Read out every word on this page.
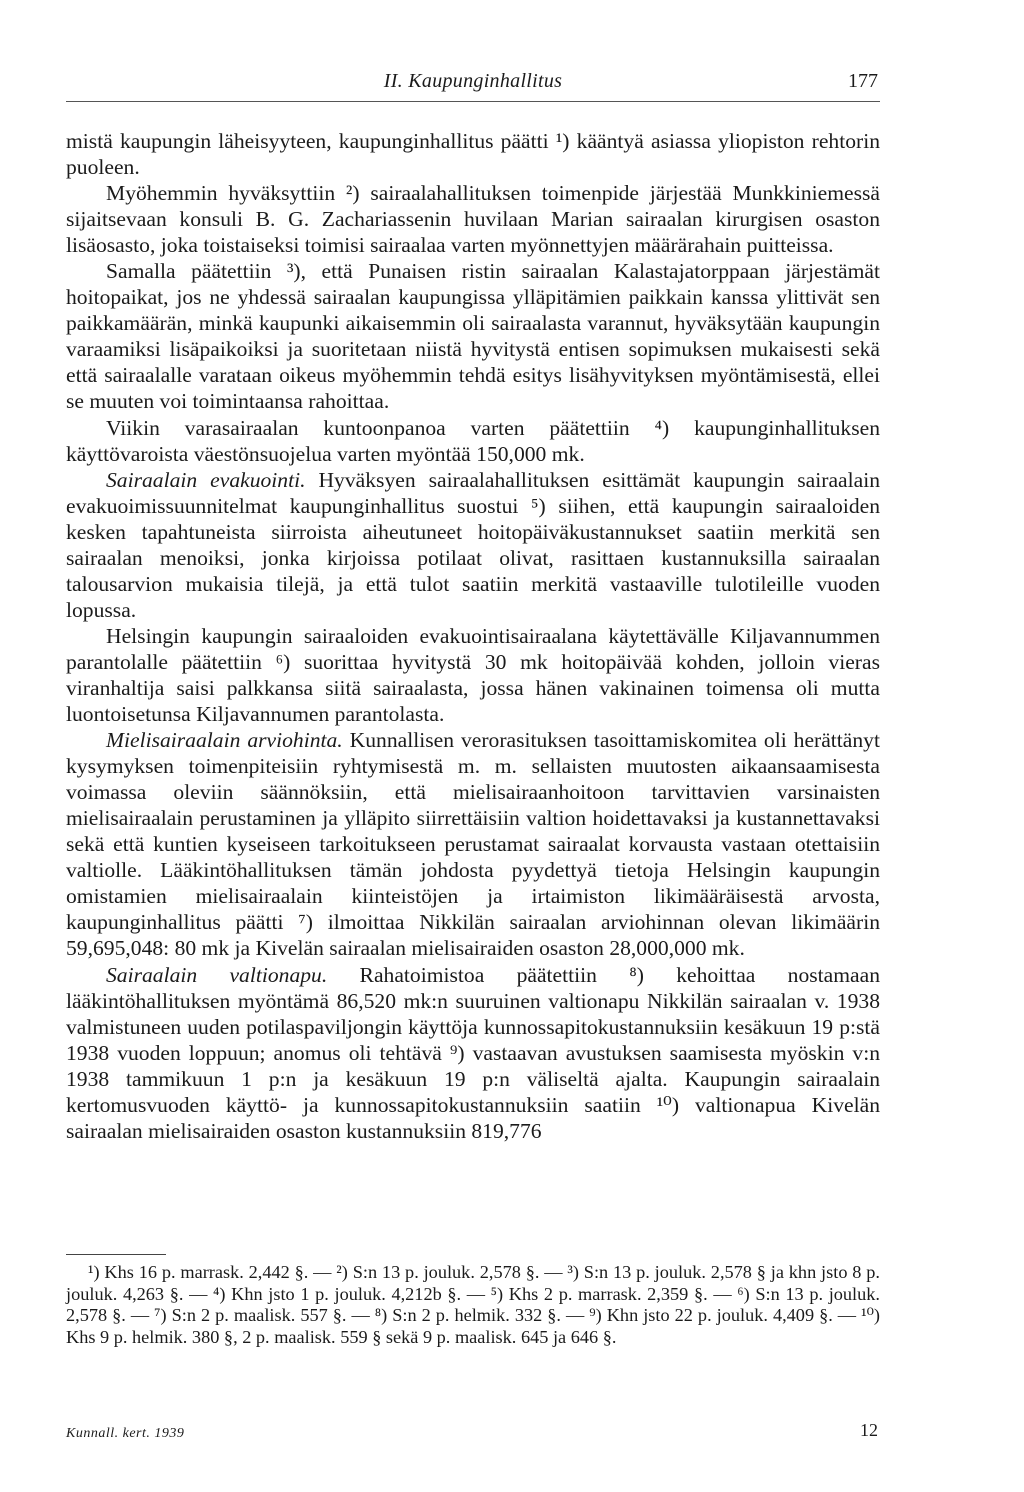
II. Kaupunginhallitus	177

mistä kaupungin läheisyyteen, kaupunginhallitus päätti ¹) kääntyä asiassa yliopiston rehtorin puoleen.

Myöhemmin hyväksyttiin ²) sairaalahallituksen toimenpide järjestää Munkkiniemessä sijaitsevaan konsuli B. G. Zachariassenin huvilaan Marian sairaalan kirurgisen osaston lisäosasto, joka toistaiseksi toimisi sairaalaa varten myönnettyjen määrärahain puitteissa.

Samalla päätettiin ³), että Punaisen ristin sairaalan Kalastajatorppaan järjestämät hoitopaikat, jos ne yhdessä sairaalan kaupungissa ylläpitämien paikkain kanssa ylittivät sen paikkamäärän, minkä kaupunki aikaisemmin oli sairaalasta varannut, hyväksytään kaupungin varaamiksi lisäpaikoiksi ja suoritetaan niistä hyvitystä entisen sopimuksen mukaisesti sekä että sairaalalle varataan oikeus myöhemmin tehdä esitys lisähyvityksen myöntämisestä, ellei se muuten voi toimintaansa rahoittaa.

Viikin varasairaalan kuntoonpanoa varten päätettiin ⁴) kaupunginhallituksen käyttövaroista väestönsuojelua varten myöntää 150,000 mk.

Sairaalain evakuointi. Hyväksyen sairaalahallituksen esittämät kaupungin sairaalain evakuoimissuunnitelmat kaupunginhallitus suostui ⁵) siihen, että kaupungin sairaaloiden kesken tapahtuneista siirroista aiheutuneet hoitopäiväkustannukset saatiin merkitä sen sairaalan menoiksi, jonka kirjoissa potilaat olivat, rasittaen kustannuksilla sairaalan talousarvion mukaisia tilejä, ja että tulot saatiin merkitä vastaaville tulotileille vuoden lopussa.

Helsingin kaupungin sairaaloiden evakuointisairaalana käytettävälle Kiljavannummen parantolalle päätettiin ⁶) suorittaa hyvitystä 30 mk hoitopäivää kohden, jolloin vieras viranhaltija saisi palkkansa siitä sairaalasta, jossa hänen vakinainen toimensa oli mutta luontoisetunsa Kiljavannumen parantolasta.

Mielisairaalain arviohinta. Kunnallisen verorasituksen tasoittamiskomitea oli herättänyt kysymyksen toimenpiteisiin ryhtymisestä m. m. sellaisten muutosten aikaansaamisesta voimassa oleviin säännöksiin, että mielisairaanhoitoon tarvittavien varsinaisten mielisairaalain perustaminen ja ylläpito siirrettäisiin valtion hoidettavaksi ja kustannettavaksi sekä että kuntien kyseiseen tarkoitukseen perustamat sairaalat korvausta vastaan otettaisiin valtiolle. Lääkintöhallituksen tämän johdosta pyydettyä tietoja Helsingin kaupungin omistamien mielisairaalain kiinteistöjen ja irtaimiston likimääräisestä arvosta, kaupunginhallitus päätti ⁷) ilmoittaa Nikkilän sairaalan arviohinnan olevan likimäärin 59,695,048: 80 mk ja Kivelän sairaalan mielisairaiden osaston 28,000,000 mk.

Sairaalain valtionapu. Rahatoimistoa päätettiin ⁸) kehoittaa nostamaan lääkintöhallituksen myöntämä 86,520 mk:n suuruinen valtionapu Nikkilän sairaalan v. 1938 valmistuneen uuden potilaspaviljongin käyttöja kunnossapitokustannuksiin kesäkuun 19 p:stä 1938 vuoden loppuun; anomus oli tehtävä ⁹) vastaavan avustuksen saamisesta myöskin v:n 1938 tammikuun 1 p:n ja kesäkuun 19 p:n väliseltä ajalta. Kaupungin sairaalain kertomusvuoden käyttö- ja kunnossapitokustannuksiin saatiin ¹⁰) valtionapua Kivelän sairaalan mielisairaiden osaston kustannuksiin 819,776

¹) Khs 16 p. marrask. 2,442 §. — ²) S:n 13 p. jouluk. 2,578 §. — ³) S:n 13 p. jouluk. 2,578 § ja khn jsto 8 p. jouluk. 4,263 §. — ⁴) Khn jsto 1 p. jouluk. 4,212b §. — ⁵) Khs 2 p. marrask. 2,359 §. — ⁶) S:n 13 p. jouluk. 2,578 §. — ⁷) S:n 2 p. maalisk. 557 §. — ⁸) S:n 2 p. helmik. 332 §. — ⁹) Khn jsto 22 p. jouluk. 4,409 §. — ¹⁰) Khs 9 p. helmik. 380 §, 2 p. maalisk. 559 § sekä 9 p. maalisk. 645 ja 646 §.

Kunnall. kert. 1939	12
